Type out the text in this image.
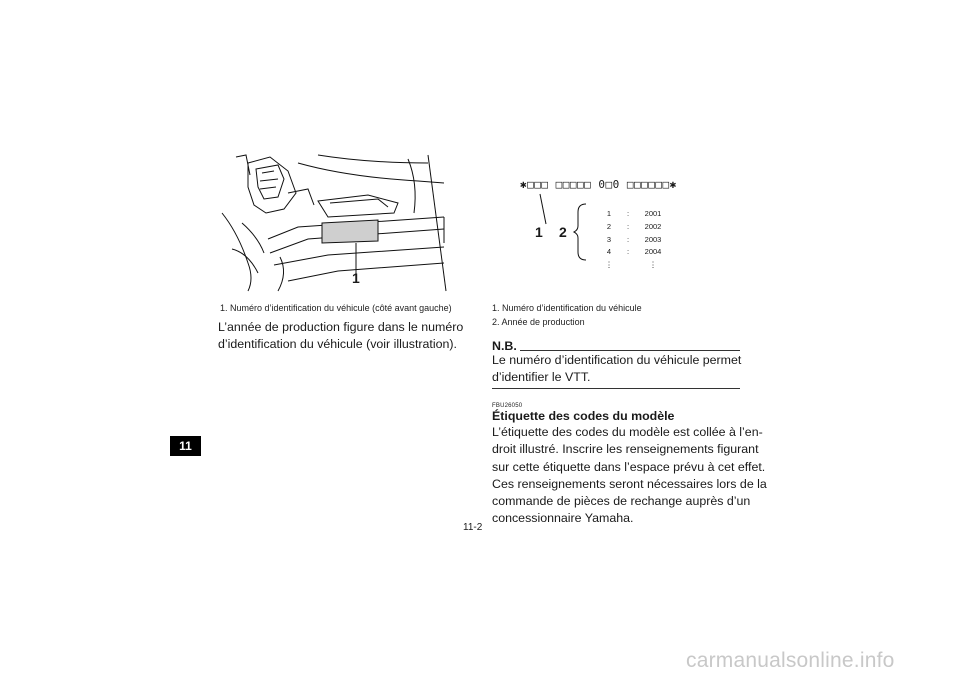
11
1
1. Numéro d’identification du véhicule (côté avant gauche)
L’année de production figure dans le numéro
d’identification du véhicule (voir illustration).
✱□□□ □□□□□ 0□0 □□□□□□✱
1 2
1	:	2001
2	:	2002
3	:	2003
4	:	2004
⋮	⋮
1. Numéro d’identification du véhicule
2. Année de production
N.B.
Le numéro d’identification du véhicule permet
d’identifier le VTT.
FBU26050
Étiquette des codes du modèle
L’étiquette des codes du modèle est collée à l’en-
droit illustré. Inscrire les renseignements figurant
sur cette étiquette dans l’espace prévu à cet effet.
Ces renseignements seront nécessaires lors de la
commande de pièces de rechange auprès d’un
concessionnaire Yamaha.
11-2
carmanualsonline.info
